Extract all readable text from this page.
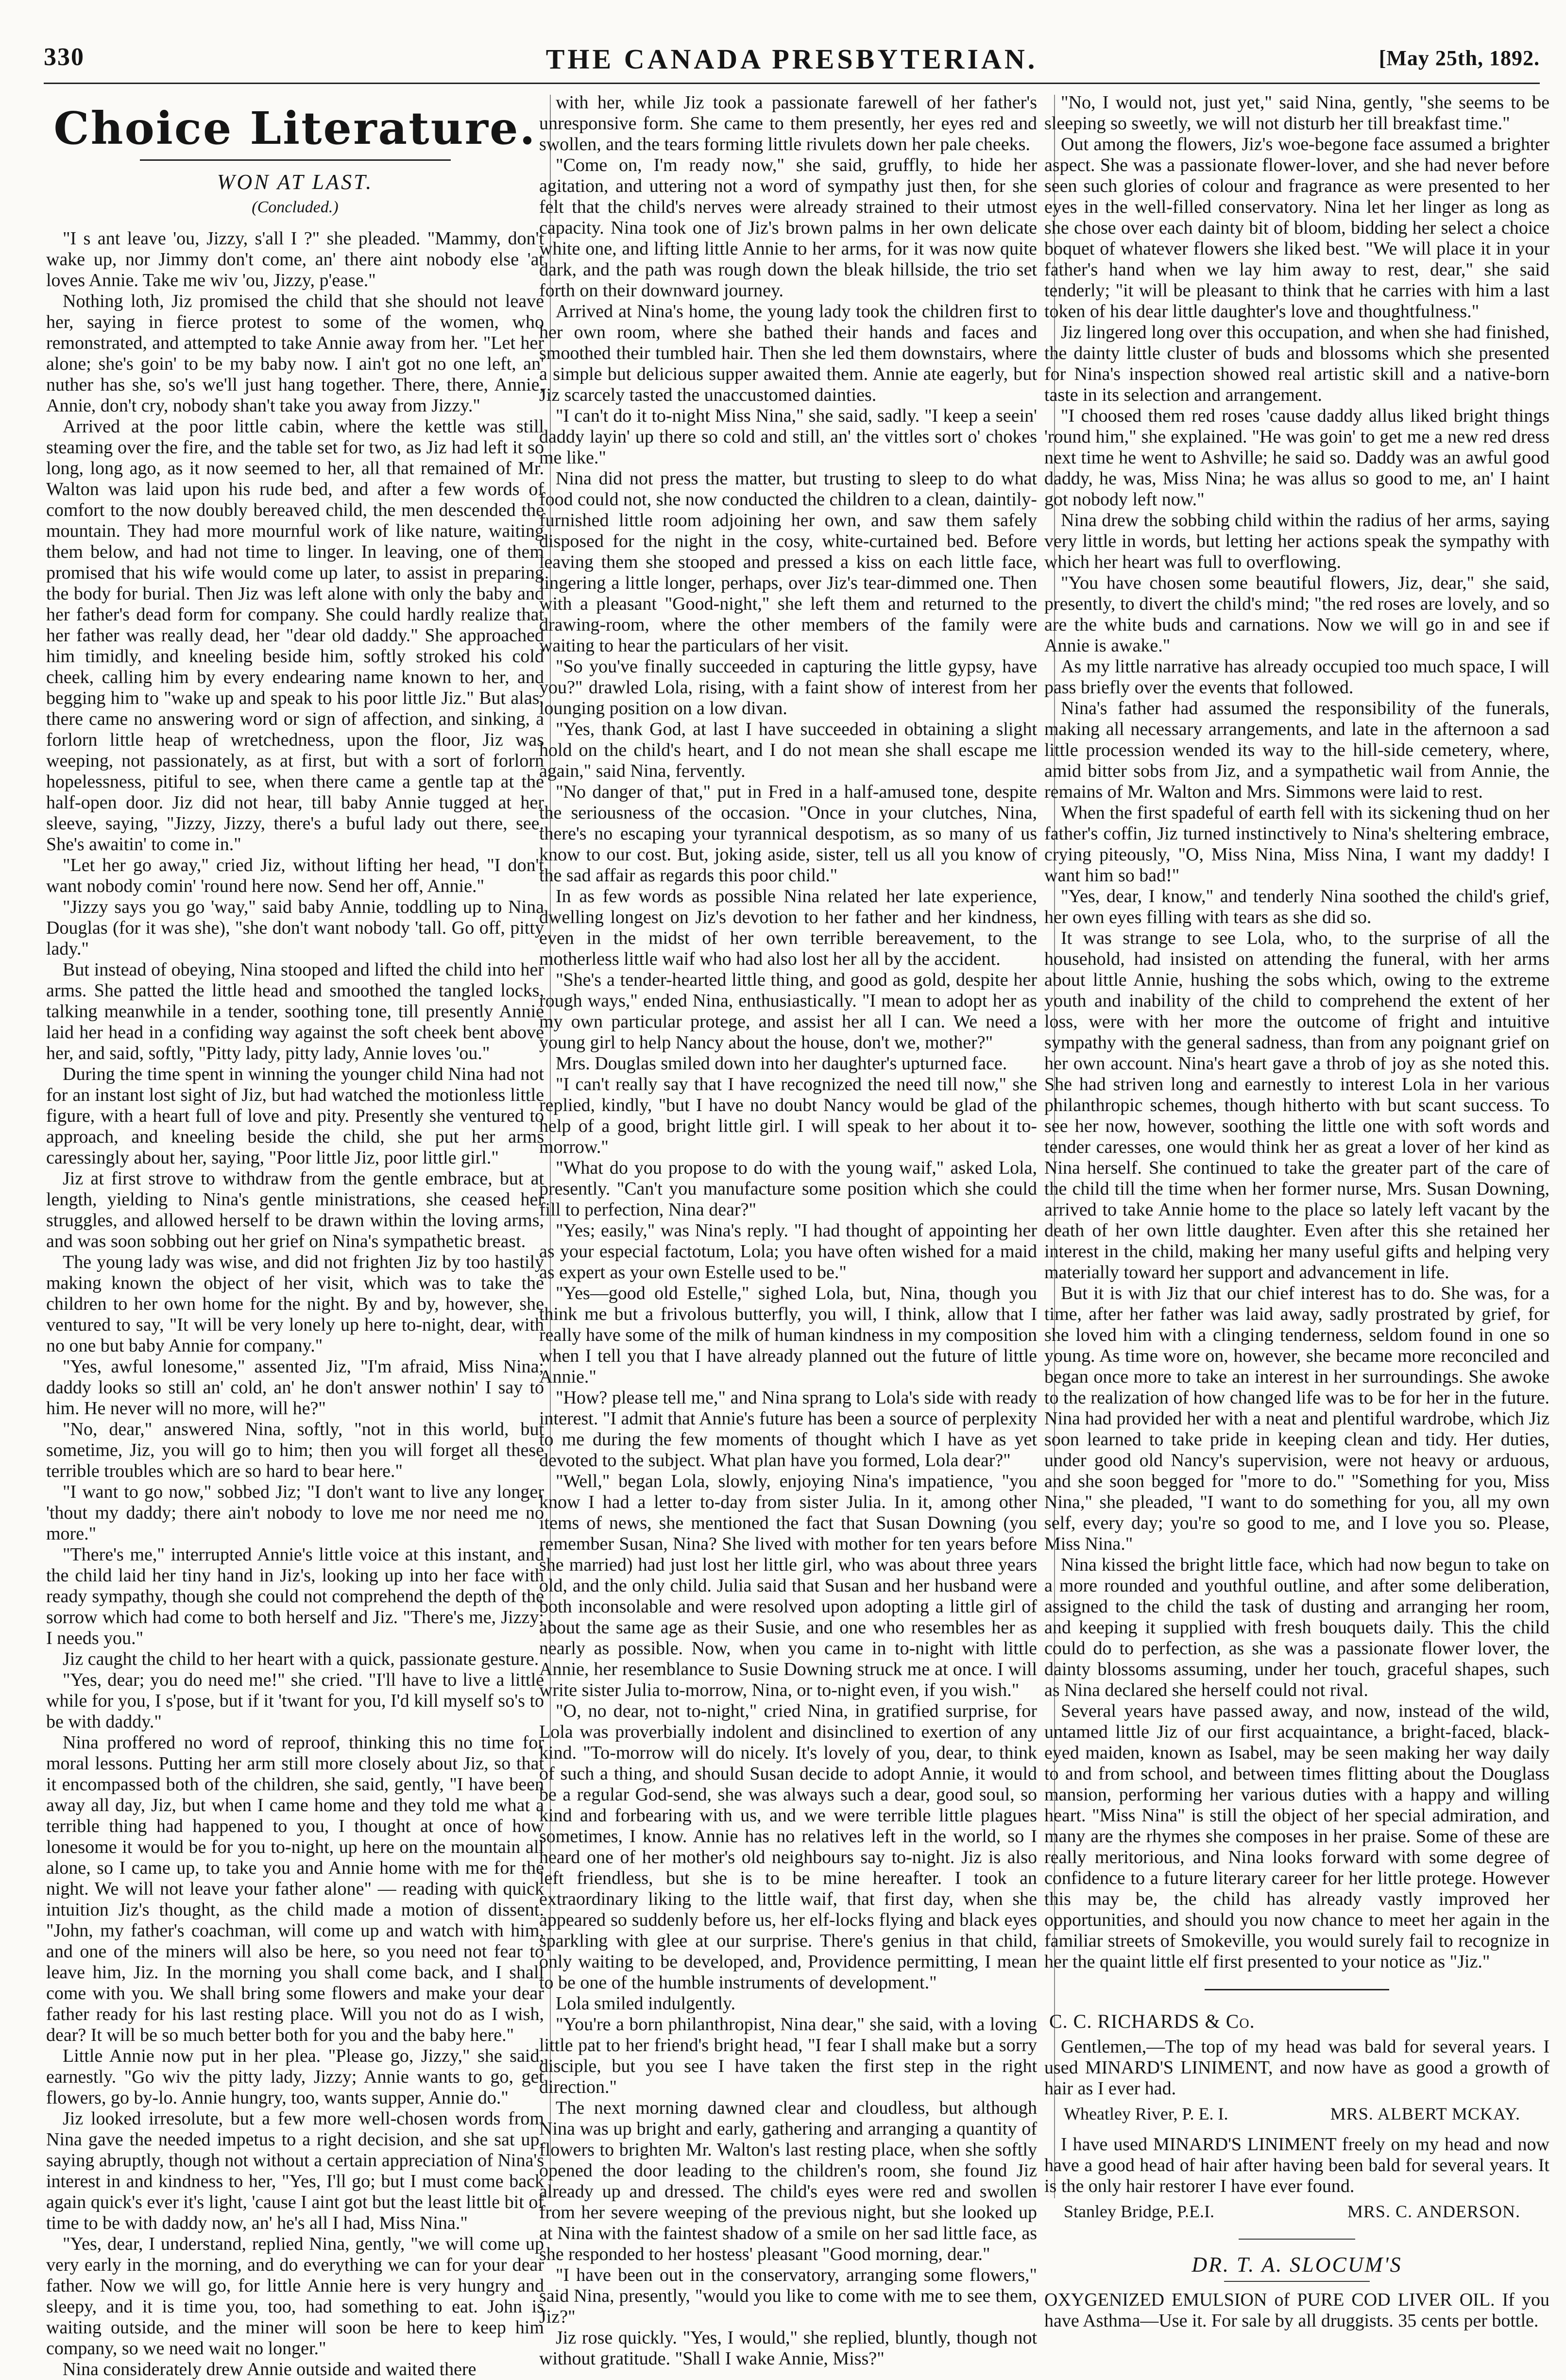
330	THE CANADA PRESBYTERIAN.	[May 25th, 1892.
Choice Literature.
WON AT LAST.
(Concluded.)

"I s ant leave 'ou, Jizzy, s'all I ?" she pleaded. "Mammy, don't wake up, nor Jimmy don't come, an' there aint nobody else 'at loves Annie. Take me wiv 'ou, Jizzy, p'ease."

Nothing loth, Jiz promised the child that she should not leave her, saying in fierce protest to some of the women, who remonstrated, and attempted to take Annie away from her. "Let her alone; she's goin' to be my baby now. I ain't got no one left, an' nuther has she, so's we'll just hang together. There, there, Annie, Annie, don't cry, nobody shan't take you away from Jizzy."

Arrived at the poor little cabin, where the kettle was still steaming over the fire, and the table set for two, as Jiz had left it so long, long ago, as it now seemed to her, all that remained of Mr. Walton was laid upon his rude bed, and after a few words of comfort to the now doubly bereaved child, the men descended the mountain. They had more mournful work of like nature, waiting them below, and had not time to linger. In leaving, one of them promised that his wife would come up later, to assist in preparing the body for burial. Then Jiz was left alone with only the baby and her father's dead form for company. She could hardly realize that her father was really dead, her "dear old daddy." She approached him timidly, and kneeling beside him, softly stroked his cold cheek, calling him by every endearing name known to her, and begging him to "wake up and speak to his poor little Jiz." But alas, there came no answering word or sign of affection, and sinking, a forlorn little heap of wretchedness, upon the floor, Jiz was weeping, not passionately, as at first, but with a sort of forlorn hopelessness, pitiful to see, when there came a gentle tap at the half-open door. Jiz did not hear, till baby Annie tugged at her sleeve, saying, "Jizzy, Jizzy, there's a buful lady out there, see. She's awaitin' to come in."

"Let her go away," cried Jiz, without lifting her head, "I don't want nobody comin' 'round here now. Send her off, Annie."

"Jizzy says you go 'way," said baby Annie, toddling up to Nina Douglas (for it was she), "she don't want nobody 'tall. Go off, pitty lady."

But instead of obeying, Nina stooped and lifted the child into her arms. She patted the little head and smoothed the tangled locks, talking meanwhile in a tender, soothing tone, till presently Annie laid her head in a confiding way against the soft cheek bent above her, and said, softly, "Pitty lady, pitty lady, Annie loves 'ou."

During the time spent in winning the younger child Nina had not for an instant lost sight of Jiz, but had watched the motionless little figure, with a heart full of love and pity. Presently she ventured to approach, and kneeling beside the child, she put her arms caressingly about her, saying, "Poor little Jiz, poor little girl."

Jiz at first strove to withdraw from the gentle embrace, but at length, yielding to Nina's gentle ministrations, she ceased her struggles, and allowed herself to be drawn within the loving arms, and was soon sobbing out her grief on Nina's sympathetic breast.

The young lady was wise, and did not frighten Jiz by too hastily making known the object of her visit, which was to take the children to her own home for the night. By and by, however, she ventured to say, "It will be very lonely up here to-night, dear, with no one but baby Annie for company."

"Yes, awful lonesome," assented Jiz, "I'm afraid, Miss Nina; daddy looks so still an' cold, an' he don't answer nothin' I say to him. He never will no more, will he?"

"No, dear," answered Nina, softly, "not in this world, but sometime, Jiz, you will go to him; then you will forget all these terrible troubles which are so hard to bear here."

"I want to go now," sobbed Jiz; "I don't want to live any longer 'thout my daddy; there ain't nobody to love me nor need me no more."

"There's me," interrupted Annie's little voice at this instant, and the child laid her tiny hand in Jiz's, looking up into her face with ready sympathy, though she could not comprehend the depth of the sorrow which had come to both herself and Jiz. "There's me, Jizzy; I needs you."

Jiz caught the child to her heart with a quick, passionate gesture.

"Yes, dear; you do need me!" she cried. "I'll have to live a little while for you, I s'pose, but if it 'twant for you, I'd kill myself so's to be with daddy."

Nina proffered no word of reproof, thinking this no time for moral lessons. Putting her arm still more closely about Jiz, so that it encompassed both of the children, she said, gently, "I have been away all day, Jiz, but when I came home and they told me what a terrible thing had happened to you, I thought at once of how lonesome it would be for you to-night, up here on the mountain all alone, so I came up, to take you and Annie home with me for the night. We will not leave your father alone" — reading with quick intuition Jiz's thought, as the child made a motion of dissent. "John, my father's coachman, will come up and watch with him, and one of the miners will also be here, so you need not fear to leave him, Jiz. In the morning you shall come back, and I shall come with you. We shall bring some flowers and make your dear father ready for his last resting place. Will you not do as I wish, dear? It will be so much better both for you and the baby here."

Little Annie now put in her plea. "Please go, Jizzy," she said, earnestly. "Go wiv the pitty lady, Jizzy; Annie wants to go, get flowers, go by-lo. Annie hungry, too, wants supper, Annie do."

Jiz looked irresolute, but a few more well-chosen words from Nina gave the needed impetus to a right decision, and she sat up, saying abruptly, though not without a certain appreciation of Nina's interest in and kindness to her, "Yes, I'll go; but I must come back again quick's ever it's light, 'cause I aint got but the least little bit of time to be with daddy now, an' he's all I had, Miss Nina."

"Yes, dear, I understand, replied Nina, gently, "we will come up very early in the morning, and do everything we can for your dear father. Now we will go, for little Annie here is very hungry and sleepy, and it is time you, too, had something to eat. John is waiting outside, and the miner will soon be here to keep him company, so we need wait no longer."

Nina considerately drew Annie outside and waited there

with her, while Jiz took a passionate farewell of her father's unresponsive form. She came to them presently, her eyes red and swollen, and the tears forming little rivulets down her pale cheeks.

"Come on, I'm ready now," she said, gruffly, to hide her agitation, and uttering not a word of sympathy just then, for she felt that the child's nerves were already strained to their utmost capacity. Nina took one of Jiz's brown palms in her own delicate white one, and lifting little Annie to her arms, for it was now quite dark, and the path was rough down the bleak hillside, the trio set forth on their downward journey.

Arrived at Nina's home, the young lady took the children first to her own room, where she bathed their hands and faces and smoothed their tumbled hair. Then she led them downstairs, where a simple but delicious supper awaited them. Annie ate eagerly, but Jiz scarcely tasted the unaccustomed dainties.

"I can't do it to-night Miss Nina," she said, sadly. "I keep a seein' daddy layin' up there so cold and still, an' the vittles sort o' chokes me like."

Nina did not press the matter, but trusting to sleep to do what food could not, she now conducted the children to a clean, daintily-furnished little room adjoining her own, and saw them safely disposed for the night in the cosy, white-curtained bed. Before leaving them she stooped and pressed a kiss on each little face, lingering a little longer, perhaps, over Jiz's tear-dimmed one. Then with a pleasant "Good-night," she left them and returned to the drawing-room, where the other members of the family were waiting to hear the particulars of her visit.

"So you've finally succeeded in capturing the little gypsy, have you?" drawled Lola, rising, with a faint show of interest from her lounging position on a low divan.

"Yes, thank God, at last I have succeeded in obtaining a slight hold on the child's heart, and I do not mean she shall escape me again," said Nina, fervently.

"No danger of that," put in Fred in a half-amused tone, despite the seriousness of the occasion. "Once in your clutches, Nina, there's no escaping your tyrannical despotism, as so many of us know to our cost. But, joking aside, sister, tell us all you know of the sad affair as regards this poor child."

In as few words as possible Nina related her late experience, dwelling longest on Jiz's devotion to her father and her kindness, even in the midst of her own terrible bereavement, to the motherless little waif who had also lost her all by the accident.

"She's a tender-hearted little thing, and good as gold, despite her rough ways," ended Nina, enthusiastically. "I mean to adopt her as my own particular protege, and assist her all I can. We need a young girl to help Nancy about the house, don't we, mother?"

Mrs. Douglas smiled down into her daughter's upturned face.

"I can't really say that I have recognized the need till now," she replied, kindly, "but I have no doubt Nancy would be glad of the help of a good, bright little girl. I will speak to her about it to-morrow."

"What do you propose to do with the young waif," asked Lola, presently. "Can't you manufacture some position which she could fill to perfection, Nina dear?"

"Yes; easily," was Nina's reply. "I had thought of appointing her as your especial factotum, Lola; you have often wished for a maid as expert as your own Estelle used to be."

"Yes—good old Estelle," sighed Lola, but, Nina, though you think me but a frivolous butterfly, you will, I think, allow that I really have some of the milk of human kindness in my composition when I tell you that I have already planned out the future of little Annie."

"How? please tell me," and Nina sprang to Lola's side with ready interest. "I admit that Annie's future has been a source of perplexity to me during the few moments of thought which I have as yet devoted to the subject. What plan have you formed, Lola dear?"

"Well," began Lola, slowly, enjoying Nina's impatience, "you know I had a letter to-day from sister Julia. In it, among other items of news, she mentioned the fact that Susan Downing (you remember Susan, Nina? She lived with mother for ten years before she married) had just lost her little girl, who was about three years old, and the only child. Julia said that Susan and her husband were both inconsolable and were resolved upon adopting a little girl of about the same age as their Susie, and one who resembles her as nearly as possible. Now, when you came in to-night with little Annie, her resemblance to Susie Downing struck me at once. I will write sister Julia to-morrow, Nina, or to-night even, if you wish."

"O, no dear, not to-night," cried Nina, in gratified surprise, for Lola was proverbially indolent and disinclined to exertion of any kind. "To-morrow will do nicely. It's lovely of you, dear, to think of such a thing, and should Susan decide to adopt Annie, it would be a regular God-send, she was always such a dear, good soul, so kind and forbearing with us, and we were terrible little plagues sometimes, I know. Annie has no relatives left in the world, so I heard one of her mother's old neighbours say to-night. Jiz is also left friendless, but she is to be mine hereafter. I took an extraordinary liking to the little waif, that first day, when she appeared so suddenly before us, her elf-locks flying and black eyes sparkling with glee at our surprise. There's genius in that child, only waiting to be developed, and, Providence permitting, I mean to be one of the humble instruments of development."

Lola smiled indulgently.

"You're a born philanthropist, Nina dear," she said, with a loving little pat to her friend's bright head, "I fear I shall make but a sorry disciple, but you see I have taken the first step in the right direction."

The next morning dawned clear and cloudless, but although Nina was up bright and early, gathering and arranging a quantity of flowers to brighten Mr. Walton's last resting place, when she softly opened the door leading to the children's room, she found Jiz already up and dressed. The child's eyes were red and swollen from her severe weeping of the previous night, but she looked up at Nina with the faintest shadow of a smile on her sad little face, as she responded to her hostess' pleasant "Good morning, dear."

"I have been out in the conservatory, arranging some flowers," said Nina, presently, "would you like to come with me to see them, Jiz?"

Jiz rose quickly. "Yes, I would," she replied, bluntly, though not without gratitude. "Shall I wake Annie, Miss?"

"No, I would not, just yet," said Nina, gently, "she seems to be sleeping so sweetly, we will not disturb her till breakfast time."

Out among the flowers, Jiz's woe-begone face assumed a brighter aspect. She was a passionate flower-lover, and she had never before seen such glories of colour and fragrance as were presented to her eyes in the well-filled conservatory. Nina let her linger as long as she chose over each dainty bit of bloom, bidding her select a choice boquet of whatever flowers she liked best. "We will place it in your father's hand when we lay him away to rest, dear," she said tenderly; "it will be pleasant to think that he carries with him a last token of his dear little daughter's love and thoughtfulness."

Jiz lingered long over this occupation, and when she had finished, the dainty little cluster of buds and blossoms which she presented for Nina's inspection showed real artistic skill and a native-born taste in its selection and arrangement.

"I choosed them red roses 'cause daddy allus liked bright things 'round him," she explained. "He was goin' to get me a new red dress next time he went to Ashville; he said so. Daddy was an awful good daddy, he was, Miss Nina; he was allus so good to me, an' I haint got nobody left now."

Nina drew the sobbing child within the radius of her arms, saying very little in words, but letting her actions speak the sympathy with which her heart was full to overflowing.

"You have chosen some beautiful flowers, Jiz, dear," she said, presently, to divert the child's mind; "the red roses are lovely, and so are the white buds and carnations. Now we will go in and see if Annie is awake."

As my little narrative has already occupied too much space, I will pass briefly over the events that followed.

Nina's father had assumed the responsibility of the funerals, making all necessary arrangements, and late in the afternoon a sad little procession wended its way to the hill-side cemetery, where, amid bitter sobs from Jiz, and a sympathetic wail from Annie, the remains of Mr. Walton and Mrs. Simmons were laid to rest.

When the first spadeful of earth fell with its sickening thud on her father's coffin, Jiz turned instinctively to Nina's sheltering embrace, crying piteously, "O, Miss Nina, Miss Nina, I want my daddy! I want him so bad!"

"Yes, dear, I know," and tenderly Nina soothed the child's grief, her own eyes filling with tears as she did so.

It was strange to see Lola, who, to the surprise of all the household, had insisted on attending the funeral, with her arms about little Annie, hushing the sobs which, owing to the extreme youth and inability of the child to comprehend the extent of her loss, were with her more the outcome of fright and intuitive sympathy with the general sadness, than from any poignant grief on her own account. Nina's heart gave a throb of joy as she noted this. She had striven long and earnestly to interest Lola in her various philanthropic schemes, though hitherto with but scant success. To see her now, however, soothing the little one with soft words and tender caresses, one would think her as great a lover of her kind as Nina herself. She continued to take the greater part of the care of the child till the time when her former nurse, Mrs. Susan Downing, arrived to take Annie home to the place so lately left vacant by the death of her own little daughter. Even after this she retained her interest in the child, making her many useful gifts and helping very materially toward her support and advancement in life.

But it is with Jiz that our chief interest has to do. She was, for a time, after her father was laid away, sadly prostrated by grief, for she loved him with a clinging tenderness, seldom found in one so young. As time wore on, however, she became more reconciled and began once more to take an interest in her surroundings. She awoke to the realization of how changed life was to be for her in the future. Nina had provided her with a neat and plentiful wardrobe, which Jiz soon learned to take pride in keeping clean and tidy. Her duties, under good old Nancy's supervision, were not heavy or arduous, and she soon begged for "more to do." "Something for you, Miss Nina," she pleaded, "I want to do something for you, all my own self, every day; you're so good to me, and I love you so. Please, Miss Nina."

Nina kissed the bright little face, which had now begun to take on a more rounded and youthful outline, and after some deliberation, assigned to the child the task of dusting and arranging her room, and keeping it supplied with fresh bouquets daily. This the child could do to perfection, as she was a passionate flower lover, the dainty blossoms assuming, under her touch, graceful shapes, such as Nina declared she herself could not rival.

Several years have passed away, and now, instead of the wild, untamed little Jiz of our first acquaintance, a bright-faced, black-eyed maiden, known as Isabel, may be seen making her way daily to and from school, and between times flitting about the Douglass mansion, performing her various duties with a happy and willing heart. "Miss Nina" is still the object of her special admiration, and many are the rhymes she composes in her praise. Some of these are really meritorious, and Nina looks forward with some degree of confidence to a future literary career for her little protege. However this may be, the child has already vastly improved her opportunities, and should you now chance to meet her again in the familiar streets of Smokeville, you would surely fail to recognize in her the quaint little elf first presented to your notice as "Jiz."

C. C. RICHARDS & Co.

Gentlemen,—The top of my head was bald for several years. I used MINARD'S LINIMENT, and now have as good a growth of hair as I ever had.

Wheatley River, P. E. I.	MRS. ALBERT MCKAY.

I have used MINARD'S LINIMENT freely on my head and now have a good head of hair after having been bald for several years. It is the only hair restorer I have ever found.

Stanley Bridge, P.E.I.	MRS. C. ANDERSON.
DR. T. A. SLOCUM'S

OXYGENIZED EMULSION of PURE COD LIVER OIL. If you have Asthma—Use it. For sale by all druggists. 35 cents per bottle.
